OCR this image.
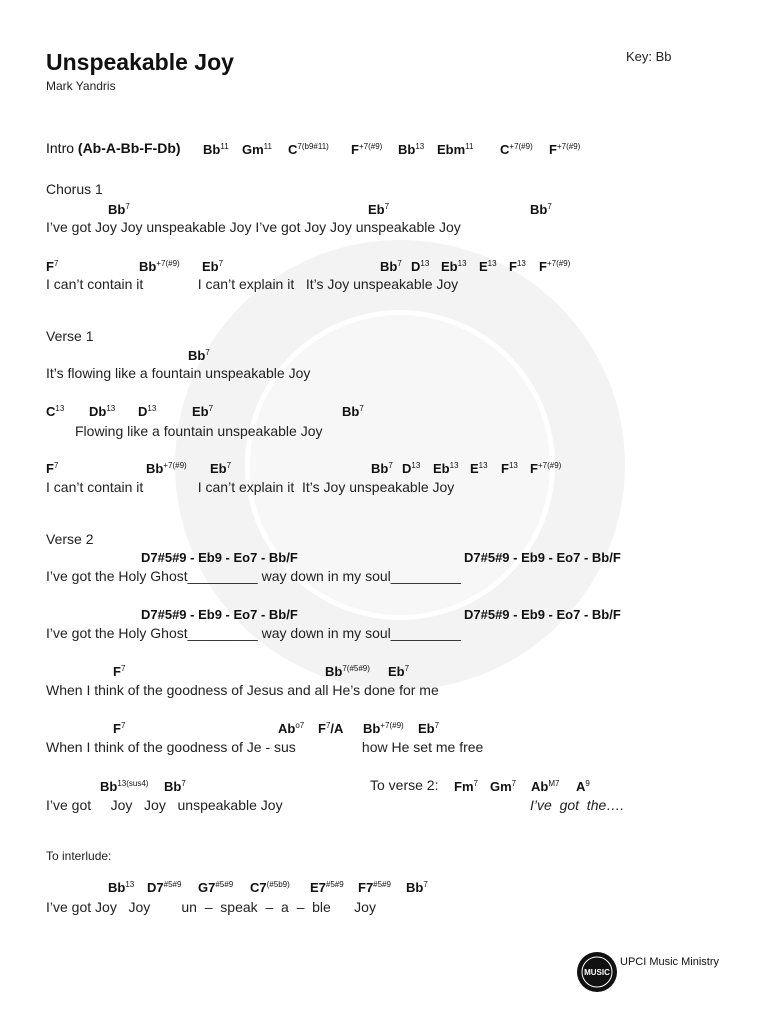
Unspeakable Joy
Mark Yandris
Key: Bb
Intro (Ab-A-Bb-F-Db) Bb$^{11}$ Gm$^{11}$ $C^{7(b9\#11)}$ $F^{+7(\#9)}$ Bb$^{13}$ Ebm$^{11}$ $C^{+7(\#9)}$ $F^{+7(\#9)}$
Chorus 1
Bb$^7$	Eb$^7$	Bb$^7$
I’ve got Joy Joy unspeakable Joy I’ve got Joy Joy unspeakable Joy
$F^7$	$Bb^{+7(\#9)}$ Eb$^7$	Bb$^7$ $D^{13}$ Eb$^{13}$ $E^{13}$ $F^{13}$ $F^{+7(\#9)}$
I can’t contain it              I can’t explain it   It’s Joy unspeakable Joy
Verse 1
Bb$^7$
It’s flowing like a fountain unspeakable Joy
$C^{13}$ Db$^{13}$ $D^{13}$	Eb$^7$	Bb$^7$
Flowing like a fountain unspeakable Joy
$F^7$	$Bb^{+7(\#9)}$ Eb$^7$	Bb$^7$ $D^{13}$ Eb$^{13}$ $E^{13}$ $F^{13}$ $F^{+7(\#9)}$
I can’t contain it              I can’t explain it  It’s Joy unspeakable Joy
Verse 2
D7#5#9 - Eb9 - Eo7 - Bb/F	D7#5#9 - Eb9 - Eo7 - Bb/F
I’ve got the Holy Ghost_________ way down in my soul_________
D7#5#9 - Eb9 - Eo7 - Bb/F	D7#5#9 - Eb9 - Eo7 - Bb/F
I’ve got the Holy Ghost_________ way down in my soul_________
$F^7$	$Bb^{7(\#5\#9)}$ Eb$^7$
When I think of the goodness of Jesus and all He’s done for me
$F^7$	$Ab^{o7}$ $F^7/A$ $Bb^{+7(\#9)}$ Eb$^7$
When I think of the goodness of Je - sus                 how He set me free
$Bb^{13(sus4)}$ Bb$^7$	To verse 2: Fm$^7$ Gm$^7$ $Ab^{M7}$ $A^9$
I’ve got     Joy   Joy   unspeakable Joy	I’ve  got  the….
To interlude:
Bb$^{13}$ $D7^{\#5\#9}$ $G7^{\#5\#9}$ $C7^{(\#5b9)}$ $E7^{\#5\#9}$ $F7^{\#5\#9}$ Bb$^7$
I’ve got Joy   Joy        un  –  speak  –  a  –  ble      Joy
MUSIC
UPCI Music Ministry
